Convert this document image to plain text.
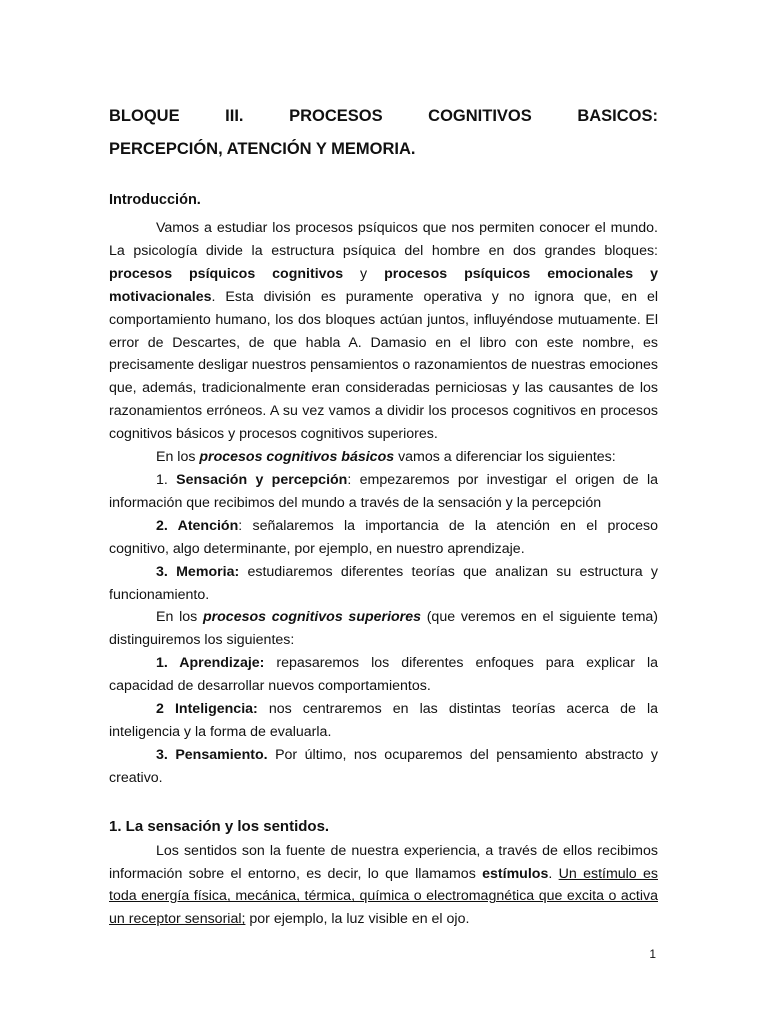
BLOQUE III. PROCESOS COGNITIVOS BASICOS:
PERCEPCIÓN, ATENCIÓN Y MEMORIA.
Introducción.

Vamos a estudiar los procesos psíquicos que nos permiten conocer el mundo. La psicología divide la estructura psíquica del hombre en dos grandes bloques: procesos psíquicos cognitivos y procesos psíquicos emocionales y motivacionales. Esta división es puramente operativa y no ignora que, en el comportamiento humano, los dos bloques actúan juntos, influyéndose mutuamente. El error de Descartes, de que habla A. Damasio en el libro con este nombre, es precisamente desligar nuestros pensamientos o razonamientos de nuestras emociones que, además, tradicionalmente eran consideradas perniciosas y las causantes de los razonamientos erróneos. A su vez vamos a dividir los procesos cognitivos en procesos cognitivos básicos y procesos cognitivos superiores.

En los procesos cognitivos básicos vamos a diferenciar los siguientes:

1. Sensación y percepción: empezaremos por investigar el origen de la información que recibimos del mundo a través de la sensación y la percepción

2. Atención: señalaremos la importancia de la atención en el proceso cognitivo, algo determinante, por ejemplo, en nuestro aprendizaje.

3. Memoria: estudiaremos diferentes teorías que analizan su estructura y funcionamiento.

En los procesos cognitivos superiores (que veremos en el siguiente tema) distinguiremos los siguientes:

1. Aprendizaje: repasaremos los diferentes enfoques para explicar la capacidad de desarrollar nuevos comportamientos.

2 Inteligencia: nos centraremos en las distintas teorías acerca de la inteligencia y la forma de evaluarla.

3. Pensamiento. Por último, nos ocuparemos del pensamiento abstracto y creativo.

1. La sensación y los sentidos.

Los sentidos son la fuente de nuestra experiencia, a través de ellos recibimos información sobre el entorno, es decir, lo que llamamos estímulos. Un estímulo es toda energía física, mecánica, térmica, química o electromagnética que excita o activa un receptor sensorial; por ejemplo, la luz visible en el ojo.

1
